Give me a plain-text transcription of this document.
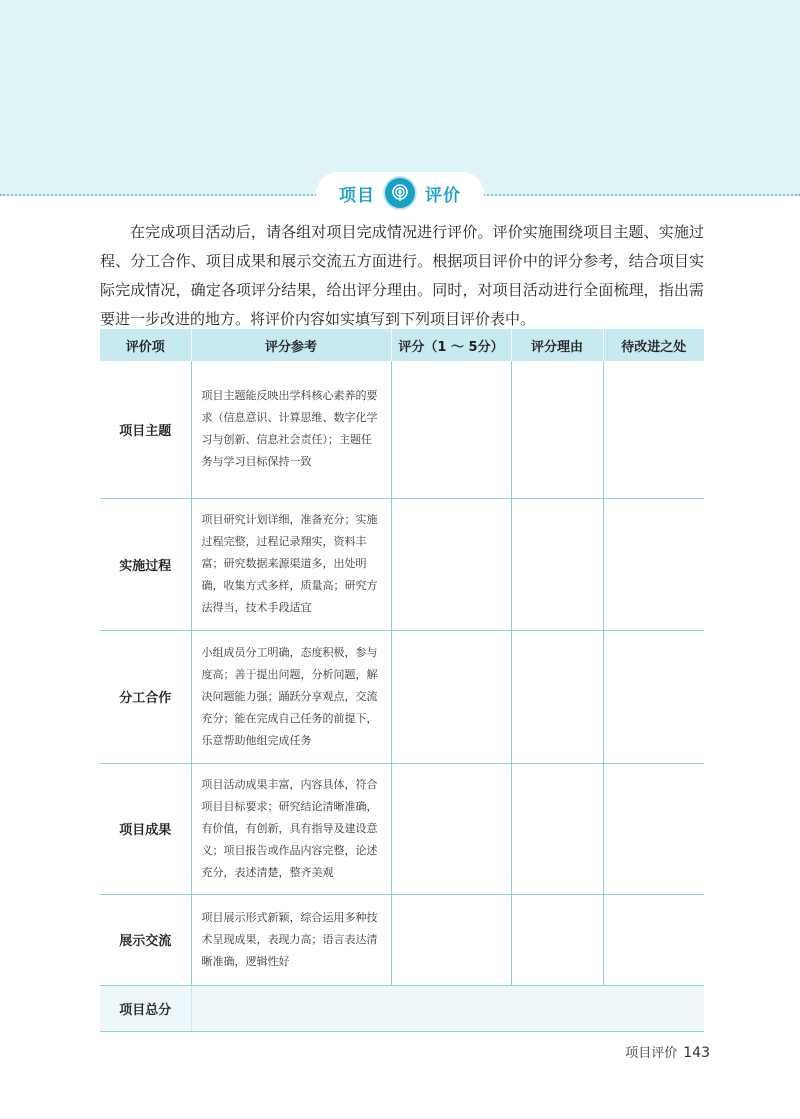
项目	评价

在完成项目活动后，请各组对项目完成情况进行评价。评价实施围绕项目主题、实施过程、分工合作、项目成果和展示交流五方面进行。根据项目评价中的评分参考，结合项目实际完成情况，确定各项评分结果，给出评分理由。同时，对项目活动进行全面梳理，指出需要进一步改进的地方。将评价内容如实填写到下列项目评价表中。

评价项	评分参考	评分（1 ～ 5分）	评分理由	待改进之处
项目主题	项目主题能反映出学科核心素养的要求（信息意识、计算思维、数字化学习与创新、信息社会责任）；主题任务与学习目标保持一致			
实施过程	项目研究计划详细，准备充分；实施过程完整，过程记录翔实，资料丰富；研究数据来源渠道多，出处明确，收集方式多样，质量高；研究方法得当，技术手段适宜			
分工合作	小组成员分工明确，态度积极，参与度高；善于提出问题，分析问题，解决问题能力强；踊跃分享观点，交流充分；能在完成自己任务的前提下，乐意帮助他组完成任务			
项目成果	项目活动成果丰富，内容具体，符合项目目标要求；研究结论清晰准确，有价值，有创新，具有指导及建设意义；项目报告或作品内容完整，论述充分，表述清楚，整齐美观			
展示交流	项目展示形式新颖，综合运用多种技术呈现成果，表现力高；语言表达清晰准确，逻辑性好			
项目总分				
项目评价 143
